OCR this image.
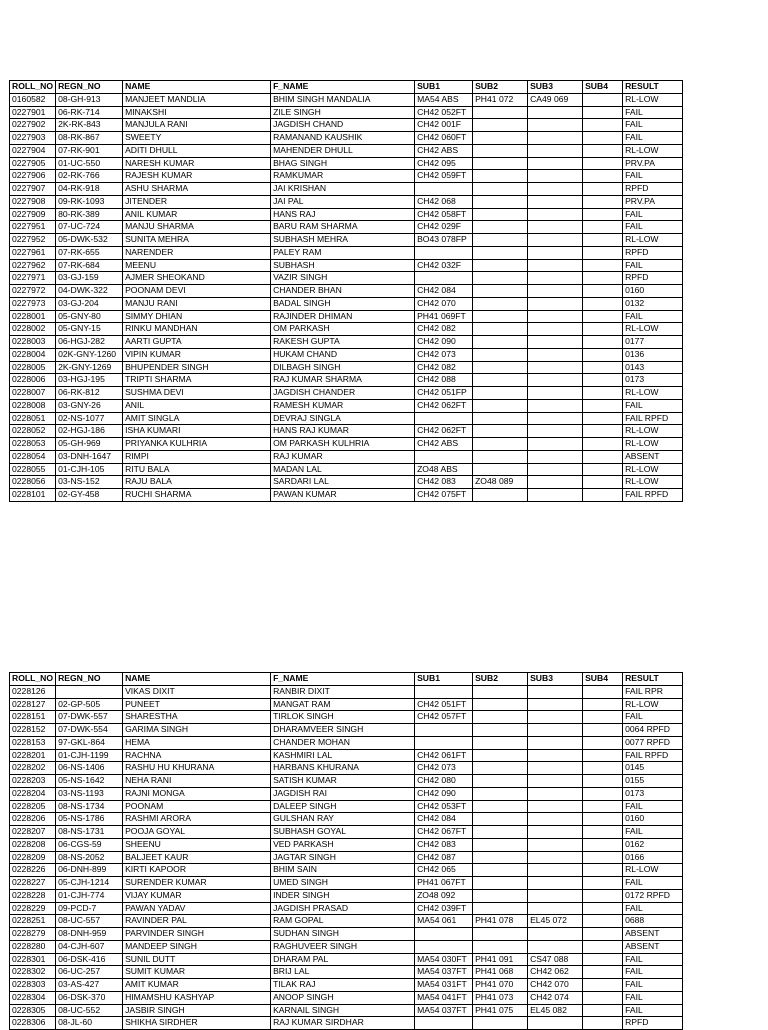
ROLL_NO	REGN_NO	NAME	F_NAME	SUB1	SUB2	SUB3	SUB4	RESULT
0160582	08-GH-913	MANJEET MANDLIA	BHIM SINGH MANDALIA	MA54 ABS	PH41 072	CA49 069		RL-LOW
0227901	06-RK-714	MINAKSHI	ZILE SINGH	CH42 052FT				FAIL
0227902	2K-RK-843	MANJULA RANI	JAGDISH CHAND	CH42 001F				FAIL
0227903	08-RK-867	SWEETY	RAMANAND KAUSHIK	CH42 060FT				FAIL
0227904	07-RK-901	ADITI DHULL	MAHENDER DHULL	CH42 ABS				RL-LOW
0227905	01-UC-550	NARESH KUMAR	BHAG SINGH	CH42 095				PRV.PA
0227906	02-RK-766	RAJESH KUMAR	RAMKUMAR	CH42 059FT				FAIL
0227907	04-RK-918	ASHU SHARMA	JAI KRISHAN					RPFD
0227908	09-RK-1093	JITENDER	JAI PAL	CH42 068				PRV.PA
0227909	80-RK-389	ANIL KUMAR	HANS RAJ	CH42 058FT				FAIL
0227951	07-UC-724	MANJU SHARMA	BARU RAM SHARMA	CH42 029F				FAIL
0227952	05-DWK-532	SUNITA MEHRA	SUBHASH MEHRA	BO43 078FP				RL-LOW
0227961	07-RK-655	NARENDER	PALEY RAM					RPFD
0227962	07-RK-684	MEENU	SUBHASH	CH42 032F				FAIL
0227971	03-GJ-159	AJMER SHEOKAND	VAZIR SINGH					RPFD
0227972	04-DWK-322	POONAM DEVI	CHANDER BHAN	CH42 084				0160
0227973	03-GJ-204	MANJU RANI	BADAL SINGH	CH42 070				0132
0228001	05-GNY-80	SIMMY DHIAN	RAJINDER DHIMAN	PH41 069FT				FAIL
0228002	05-GNY-15	RINKU MANDHAN	OM PARKASH	CH42 082				RL-LOW
0228003	06-HGJ-282	AARTI GUPTA	RAKESH GUPTA	CH42 090				0177
0228004	02K-GNY-1260	VIPIN KUMAR	HUKAM CHAND	CH42 073				0136
0228005	2K-GNY-1269	BHUPENDER SINGH	DILBAGH SINGH	CH42 082				0143
0228006	03-HGJ-195	TRIPTI SHARMA	RAJ KUMAR SHARMA	CH42 088				0173
0228007	06-RK-812	SUSHMA DEVI	JAGDISH CHANDER	CH42 051FP				RL-LOW
0228008	03-GNY-26	ANIL	RAMESH KUMAR	CH42 062FT				FAIL
0228051	02-NS-1077	AMIT SINGLA	DEVRAJ SINGLA					FAIL RPFD
0228052	02-HGJ-186	ISHA KUMARI	HANS RAJ KUMAR	CH42 062FT				RL-LOW
0228053	05-GH-969	PRIYANKA KULHRIA	OM PARKASH KULHRIA	CH42 ABS				RL-LOW
0228054	03-DNH-1647	RIMPI	RAJ KUMAR					ABSENT
0228055	01-CJH-105	RITU BALA	MADAN LAL	ZO48 ABS				RL-LOW
0228056	03-NS-152	RAJU BALA	SARDARI LAL	CH42 083	ZO48 089			RL-LOW
0228101	02-GY-458	RUCHI SHARMA	PAWAN KUMAR	CH42 075FT				FAIL RPFD
ROLL_NO	REGN_NO	NAME	F_NAME	SUB1	SUB2	SUB3	SUB4	RESULT
0228126		VIKAS DIXIT	RANBIR DIXIT					FAIL RPR
0228127	02-GP-505	PUNEET	MANGAT RAM	CH42 051FT				RL-LOW
0228151	07-DWK-557	SHARESTHA	TIRLOK SINGH	CH42 057FT				FAIL
0228152	07-DWK-554	GARIMA SINGH	DHARAMVEER SINGH					0064 RPFD
0228153	97-GKL-864	HEMA	CHANDER MOHAN					0077 RPFD
0228201	01-CJH-1199	RACHNA	KASHMIRI LAL	CH42 061FT				FAIL RPFD
0228202	06-NS-1406	RASHU HU KHURANA	HARBANS KHURANA	CH42 073				0145
0228203	05-NS-1642	NEHA RANI	SATISH KUMAR	CH42 080				0155
0228204	03-NS-1193	RAJNI MONGA	JAGDISH RAI	CH42 090				0173
0228205	08-NS-1734	POONAM	DALEEP SINGH	CH42 053FT				FAIL
0228206	05-NS-1786	RASHMI ARORA	GULSHAN RAY	CH42 084				0160
0228207	08-NS-1731	POOJA GOYAL	SUBHASH GOYAL	CH42 067FT				FAIL
0228208	06-CGS-59	SHEENU	VED PARKASH	CH42 083				0162
0228209	08-NS-2052	BALJEET KAUR	JAGTAR SINGH	CH42 087				0166
0228226	06-DNH-899	KIRTI KAPOOR	BHIM SAIN	CH42 065				RL-LOW
0228227	05-CJH-1214	SURENDER KUMAR	UMED SINGH	PH41 067FT				FAIL
0228228	01-CJH-774	VIJAY KUMAR	INDER SINGH	ZO48 092				0172 RPFD
0228229	09-PCD-7	PAWAN YADAV	JAGDISH PRASAD	CH42 039FT				FAIL
0228251	08-UC-557	RAVINDER PAL	RAM GOPAL	MA54 061	PH41 078	EL45 072		0688
0228279	08-DNH-959	PARVINDER SINGH	SUDHAN SINGH					ABSENT
0228280	04-CJH-607	MANDEEP SINGH	RAGHUVEER SINGH					ABSENT
0228301	06-DSK-416	SUNIL DUTT	DHARAM PAL	MA54 030FT	PH41 091	CS47 088		FAIL
0228302	06-UC-257	SUMIT KUMAR	BRIJ LAL	MA54 037FT	PH41 068	CH42 062		FAIL
0228303	03-AS-427	AMIT KUMAR	TILAK RAJ	MA54 031FT	PH41 070	CH42 070		FAIL
0228304	06-DSK-370	HIMAMSHU KASHYAP	ANOOP SINGH	MA54 041FT	PH41 073	CH42 074		FAIL
0228305	08-UC-552	JASBIR SINGH	KARNAIL SINGH	MA54 037FT	PH41 075	EL45 082		FAIL
0228306	08-JL-60	SHIKHA SIRDHER	RAJ KUMAR SIRDHAR					RPFD
